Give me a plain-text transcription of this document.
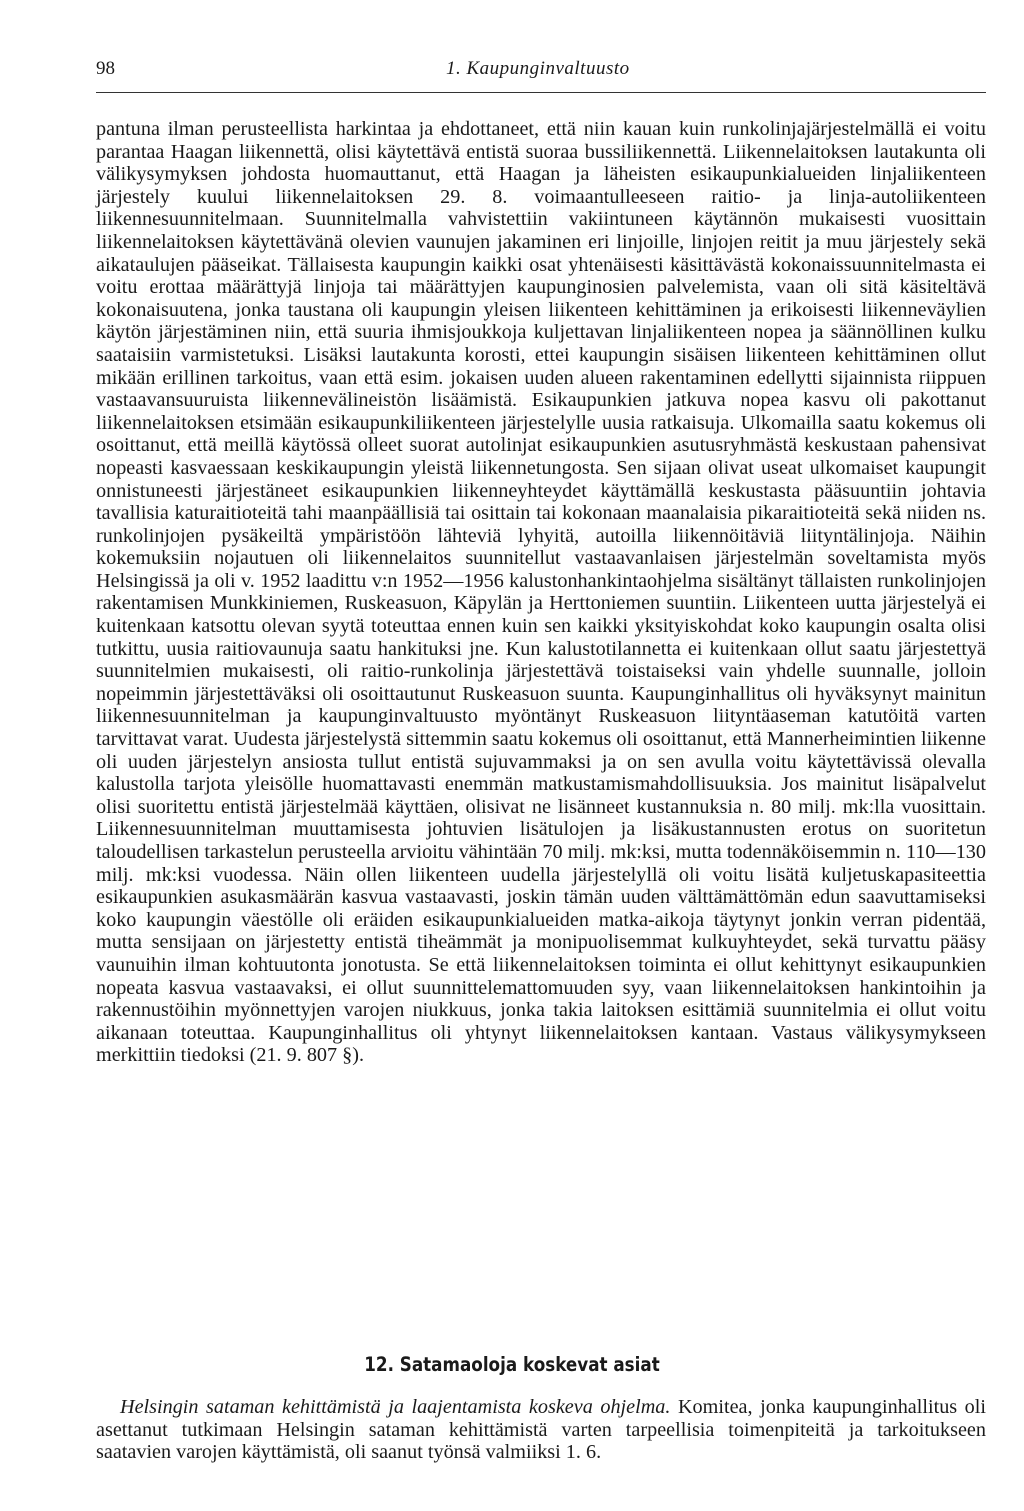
98	1. Kaupunginvaltuusto

pantuna ilman perusteellista harkintaa ja ehdottaneet, että niin kauan kuin runkolinjajärjestelmällä ei voitu parantaa Haagan liikennettä, olisi käytettävä entistä suoraa bussiliikennettä. Liikennelaitoksen lautakunta oli välikysymyksen johdosta huomauttanut, että Haagan ja läheisten esikaupunkialueiden linjaliikenteen järjestely kuului liikennelaitoksen 29. 8. voimaantulleeseen raitio- ja linja-autoliikenteen liikennesuunnitelmaan. Suunnitelmalla vahvistettiin vakiintuneen käytännön mukaisesti vuosittain liikennelaitoksen käytettävänä olevien vaunujen jakaminen eri linjoille, linjojen reitit ja muu järjestely sekä aikataulujen pääseikat. Tällaisesta kaupungin kaikki osat yhtenäisesti käsittävästä kokonaissuunnitelmasta ei voitu erottaa määrättyjä linjoja tai määrättyjen kaupunginosien palvelemista, vaan oli sitä käsiteltävä kokonaisuutena, jonka taustana oli kaupungin yleisen liikenteen kehittäminen ja erikoisesti liikenneväylien käytön järjestäminen niin, että suuria ihmisjoukkoja kuljettavan linjaliikenteen nopea ja säännöllinen kulku saataisiin varmistetuksi. Lisäksi lautakunta korosti, ettei kaupungin sisäisen liikenteen kehittäminen ollut mikään erillinen tarkoitus, vaan että esim. jokaisen uuden alueen rakentaminen edellytti sijainnista riippuen vastaavansuuruista liikennevälineistön lisäämistä. Esikaupunkien jatkuva nopea kasvu oli pakottanut liikennelaitoksen etsimään esikaupunkiliikenteen järjestelylle uusia ratkaisuja. Ulkomailla saatu kokemus oli osoittanut, että meillä käytössä olleet suorat autolinjat esikaupunkien asutusryhmästä keskustaan pahensivat nopeasti kasvaessaan keskikaupungin yleistä liikennetungosta. Sen sijaan olivat useat ulkomaiset kaupungit onnistuneesti järjestäneet esikaupunkien liikenneyhteydet käyttämällä keskustasta pääsuuntiin johtavia tavallisia katuraitioteitä tahi maanpäällisiä tai osittain tai kokonaan maanalaisia pikaraitioteitä sekä niiden ns. runkolinjojen pysäkeiltä ympäristöön lähteviä lyhyitä, autoilla liikennöitäviä liityntälinjoja. Näihin kokemuksiin nojautuen oli liikennelaitos suunnitellut vastaavanlaisen järjestelmän soveltamista myös Helsingissä ja oli v. 1952 laadittu v:n 1952—1956 kalustonhankintaohjelma sisältänyt tällaisten runkolinjojen rakentamisen Munkkiniemen, Ruskeasuon, Käpylän ja Herttoniemen suuntiin. Liikenteen uutta järjestelyä ei kuitenkaan katsottu olevan syytä toteuttaa ennen kuin sen kaikki yksityiskohdat koko kaupungin osalta olisi tutkittu, uusia raitiovaunuja saatu hankituksi jne. Kun kalustotilannetta ei kuitenkaan ollut saatu järjestettyä suunnitelmien mukaisesti, oli raitio-runkolinja järjestettävä toistaiseksi vain yhdelle suunnalle, jolloin nopeimmin järjestettäväksi oli osoittautunut Ruskeasuon suunta. Kaupunginhallitus oli hyväksynyt mainitun liikennesuunnitelman ja kaupunginvaltuusto myöntänyt Ruskeasuon liityntäaseman katutöitä varten tarvittavat varat. Uudesta järjestelystä sittemmin saatu kokemus oli osoittanut, että Mannerheimintien liikenne oli uuden järjestelyn ansiosta tullut entistä sujuvammaksi ja on sen avulla voitu käytettävissä olevalla kalustolla tarjota yleisölle huomattavasti enemmän matkustamismahdollisuuksia. Jos mainitut lisäpalvelut olisi suoritettu entistä järjestelmää käyttäen, olisivat ne lisänneet kustannuksia n. 80 milj. mk:lla vuosittain. Liikennesuunnitelman muuttamisesta johtuvien lisätulojen ja lisäkustannusten erotus on suoritetun taloudellisen tarkastelun perusteella arvioitu vähintään 70 milj. mk:ksi, mutta todennäköisemmin n. 110—130 milj. mk:ksi vuodessa. Näin ollen liikenteen uudella järjestelyllä oli voitu lisätä kuljetuskapasiteettia esikaupunkien asukasmäärän kasvua vastaavasti, joskin tämän uuden välttämättömän edun saavuttamiseksi koko kaupungin väestölle oli eräiden esikaupunkialueiden matka-aikoja täytynyt jonkin verran pidentää, mutta sensijaan on järjestetty entistä tiheämmät ja monipuolisemmat kulkuyhteydet, sekä turvattu pääsy vaunuihin ilman kohtuutonta jonotusta. Se että liikennelaitoksen toiminta ei ollut kehittynyt esikaupunkien nopeata kasvua vastaavaksi, ei ollut suunnittelemattomuuden syy, vaan liikennelaitoksen hankintoihin ja rakennustöihin myönnettyjen varojen niukkuus, jonka takia laitoksen esittämiä suunnitelmia ei ollut voitu aikanaan toteuttaa. Kaupunginhallitus oli yhtynyt liikennelaitoksen kantaan. Vastaus välikysymykseen merkittiin tiedoksi (21. 9. 807 §).

12. Satamaoloja koskevat asiat

Helsingin sataman kehittämistä ja laajentamista koskeva ohjelma. Komitea, jonka kaupunginhallitus oli asettanut tutkimaan Helsingin sataman kehittämistä varten tarpeellisia toimenpiteitä ja tarkoitukseen saatavien varojen käyttämistä, oli saanut työnsä valmiiksi 1. 6.
